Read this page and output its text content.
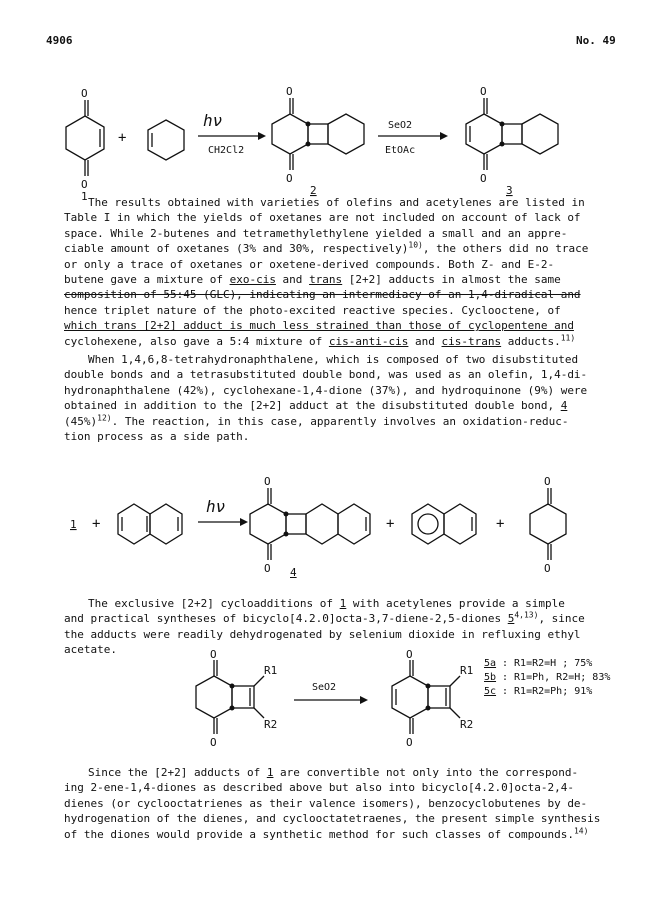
4906	No. 49
O
O
1
+
hν
CH2Cl2
O
O
2
SeO2
EtOAc
O
O
3
The results obtained with varieties of olefins and acetylenes are listed in
Table I in which the yields of oxetanes are not included on account of lack of
space. While 2-butenes and tetramethylethylene yielded a small and an appre-
ciable amount of oxetanes (3% and 30%, respectively)$^{10)}$, the others did no trace
or only a trace of oxetanes or oxetene-derived compounds. Both Z- and E-2-
butene gave a mixture of exo-cis and trans [2+2] adducts in almost the same
composition of 55:45 (GLC), indicating an intermediacy of an 1,4-diradical and
hence triplet nature of the photo-excited reactive species. Cyclooctene, of
which trans [2+2] adduct is much less strained than those of cyclopentene and
cyclohexene, also gave a 5:4 mixture of cis-anti-cis and cis-trans adducts.$^{11)}$
When 1,4,6,8-tetrahydronaphthalene, which is composed of two disubstituted
double bonds and a tetrasubstituted double bond, was used as an olefin, 1,4-di-
hydronaphthalene (42%), cyclohexane-1,4-dione (37%), and hydroquinone (9%) were
obtained in addition to the [2+2] adduct at the disubstituted double bond, 4
$(45\%)^{12)}$. The reaction, in this case, apparently involves an oxidation-reduc-
tion process as a side path.
1 +
hν
O
O 4
+	+
O
O
The exclusive [2+2] cycloadditions of 1 with acetylenes provide a simple
and practical syntheses of bicyclo[4.2.0]octa-3,7-diene-2,5-diones 5$^{4,13)}$, since
the adducts were readily dehydrogenated by selenium dioxide in refluxing ethyl
acetate.	O
O
R1
R2
SeO2
O
O
R1
R2
5a : R1=R2=H ; 75%
5b : R1=Ph, R2=H; 83%
5c : R1=R2=Ph; 91%
Since the [2+2] adducts of 1 are convertible not only into the correspond-
ing 2-ene-1,4-diones as described above but also into bicyclo[4.2.0]octa-2,4-
dienes (or cyclooctatrienes as their valence isomers), benzocyclobutenes by de-
hydrogenation of the dienes, and cyclooctatetraenes, the present simple synthesis
of the diones would provide a synthetic method for such classes of compounds.$^{14)}$
